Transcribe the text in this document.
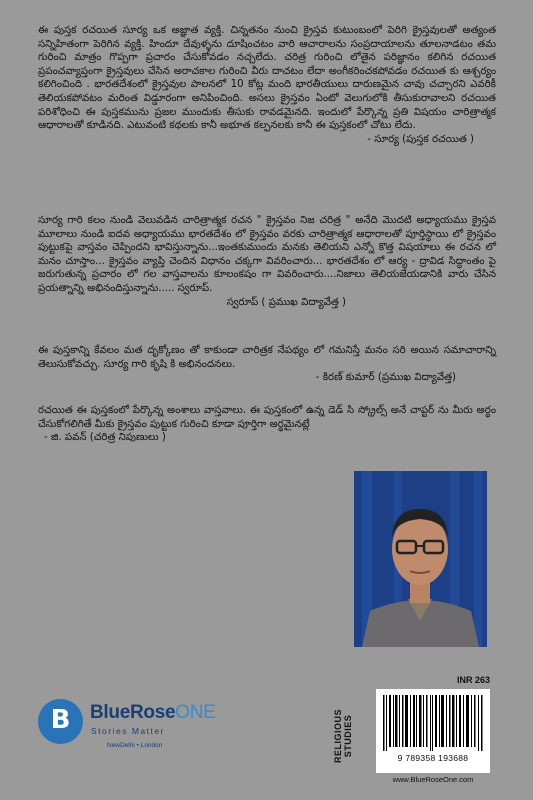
ఈ పుస్తక రచయిత సూర్య ఒక అజ్ఞాత వ్యక్తి. చిన్నతనం నుంచి క్రైస్తవ కుటుంబంలో పెరిగి క్రైస్తవులతో అత్యంత సన్నిహితంగా పెరిగిన వ్యక్తి. హిందూ దేవుళ్ళను దూషించటం వారి ఆచారాలను సంప్రదాయాలను తూలనాడటం తమ గురించి మాత్రం గొప్పగా ప్రచారం చేసుకోవడం నచ్చలేదు. చరిత్ర గురించి లోతైన పరిజ్ఞానం కలిగిన రచయిత ప్రపంచవ్యాప్తంగా క్రైస్తవులు చేసిన అరాచకాల గురించి వీరు దాచటం లేదా అంగీకరించకపోవడం రచయిత కు ఆశ్చర్యం కలిగించింది . భారతదేశంలో క్రైస్తవుల పాలనలో 10 కోట్ల మంది భారతీయులు దారుణమైన చావు చచ్చారని ఎవరికీ తెలియకపోవటం మరింత విడ్డూరంగా అనిపించింది. అసలు క్రైస్తవం ఏంటో వెలుగులోకి తీసుకురావాలని రచయిత పరిశోధించి ఈ పుస్తకమును ప్రజల ముందుకు తీసుకు రావడమైనది. ఇందులో పేర్కొన్న ప్రతి విషయం చారిత్రాత్మక ఆధారాలతో కూడినది. ఎటువంటి కథలకు కానీ అభూత కల్పనలకు కానీ ఈ పుస్తకంలో చోటు లేదు.

- సూర్య (పుస్తక రచయిత )

సూర్య గారి కలం నుండి వెలువడిన చారిత్రాత్మక రచన " క్రైస్తవం నిజ చరిత్ర " అనేది మొదటి అధ్యాయము క్రైస్తవ మూలాలు నుండి ఐదవ అధ్యాయము భారతదేశం లో క్రైస్తవం వరకు చారిత్రాత్మక ఆధారాలతో పూర్తిస్థాయి లో క్రైస్తవం పుట్టుకపై వాస్తవం చెప్పిందని భావిస్తున్నాను...ఇంతకుముందు మనకు తెలియని ఎన్నో కొత్త విషయాలు ఈ రచన లో మనం చూస్తాం... క్రైస్తవం వ్యాప్తి చెందిన విధానం చక్కగా వివరించారు... భారతదేశం లో ఆర్య - ద్రావిడ సిద్ధాంతం పై జరుగుతున్న ప్రచారం లో గల వాస్తవాలను కూలంకషం గా వివరించారు....నిజాలు తెలియజేయడానికి వారు చేసిన ప్రయత్నాన్ని అభినందిస్తున్నాను..... స్వరూప్.

స్వరూప్ ( ప్రముఖ విద్యావేత్త )

ఈ పుస్తకాన్ని కేవలం మత దృక్కోణం తో కాకుండా చారిత్రక నేపథ్యం లో గమనిస్తే మనం సరి అయిన సమాచారాన్ని తెలుసుకోవచ్చు. సూర్య గారి కృషి కి అభినందనలు.

- కిరణ్ కుమార్ (ప్రముఖ విద్యావేత్త)

రచయిత ఈ పుస్తకంలో పేర్కొన్న అంశాలు వాస్తవాలు. ఈ పుస్తకంలో ఉన్న డెడ్ సి స్క్రోల్స్ అనే చాప్టర్ ను మీరు అర్థం చేసుకోగలిగితే మీకు క్రైస్తవం పుట్టుక గురించి కూడా పూర్తిగా అర్థమైనట్లే

- జి. పవన్ (చరిత్ర నిపుణులు )

B	BlueRoseONE
Stories Matter
NewDelhi • London	RELIGIOUS STUDIES
INR 263
9 789358 193688
www.BlueRoseOne.com
